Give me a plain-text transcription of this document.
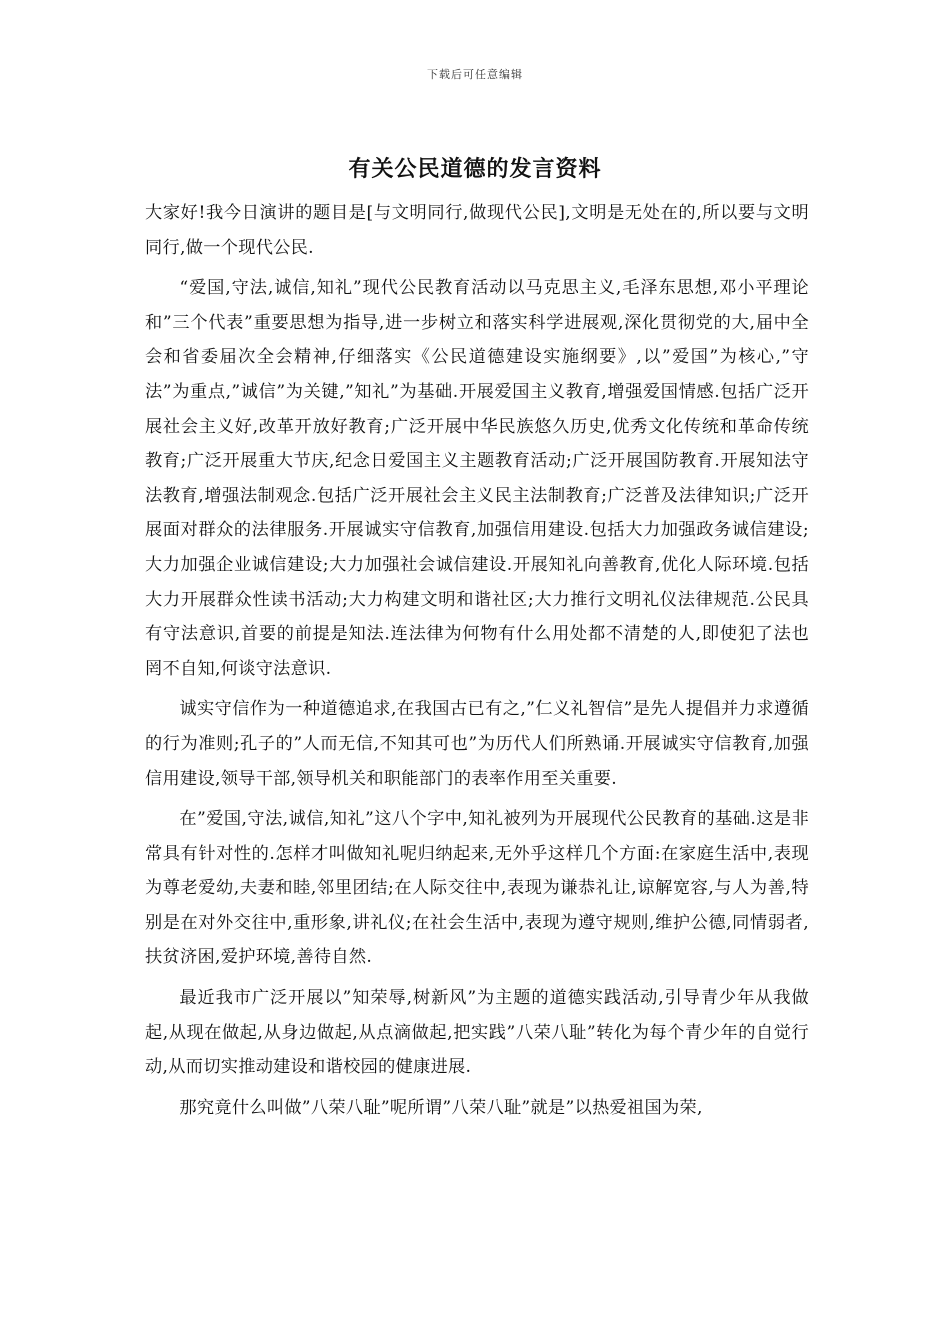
下载后可任意编辑
有关公民道德的发言资料

大家好!我今日演讲的题目是[与文明同行,做现代公民],文明是无处在的,所以要与文明同行,做一个现代公民.

“爱国,守法,诚信,知礼”现代公民教育活动以马克思主义,毛泽东思想,邓小平理论和”三个代表”重要思想为指导,进一步树立和落实科学进展观,深化贯彻党的大,届中全会和省委届次全会精神,仔细落实《公民道德建设实施纲要》,以”爱国”为核心,”守法”为重点,”诚信”为关键,”知礼”为基础.开展爱国主义教育,增强爱国情感.包括广泛开展社会主义好,改革开放好教育;广泛开展中华民族悠久历史,优秀文化传统和革命传统教育;广泛开展重大节庆,纪念日爱国主义主题教育活动;广泛开展国防教育.开展知法守法教育,增强法制观念.包括广泛开展社会主义民主法制教育;广泛普及法律知识;广泛开展面对群众的法律服务.开展诚实守信教育,加强信用建设.包括大力加强政务诚信建设;大力加强企业诚信建设;大力加强社会诚信建设.开展知礼向善教育,优化人际环境.包括大力开展群众性读书活动;大力构建文明和谐社区;大力推行文明礼仪法律规范.公民具有守法意识,首要的前提是知法.连法律为何物有什么用处都不清楚的人,即使犯了法也罔不自知,何谈守法意识.

诚实守信作为一种道德追求,在我国古已有之,”仁义礼智信”是先人提倡并力求遵循的行为准则;孔子的”人而无信,不知其可也”为历代人们所熟诵.开展诚实守信教育,加强信用建设,领导干部,领导机关和职能部门的表率作用至关重要.

在”爱国,守法,诚信,知礼”这八个字中,知礼被列为开展现代公民教育的基础.这是非常具有针对性的.怎样才叫做知礼呢归纳起来,无外乎这样几个方面:在家庭生活中,表现为尊老爱幼,夫妻和睦,邻里团结;在人际交往中,表现为谦恭礼让,谅解宽容,与人为善,特别是在对外交往中,重形象,讲礼仪;在社会生活中,表现为遵守规则,维护公德,同情弱者,扶贫济困,爱护环境,善待自然.

最近我市广泛开展以”知荣辱,树新风”为主题的道德实践活动,引导青少年从我做起,从现在做起,从身边做起,从点滴做起,把实践”八荣八耻”转化为每个青少年的自觉行动,从而切实推动建设和谐校园的健康进展.

那究竟什么叫做”八荣八耻”呢所谓”八荣八耻”就是”以热爱祖国为荣,
